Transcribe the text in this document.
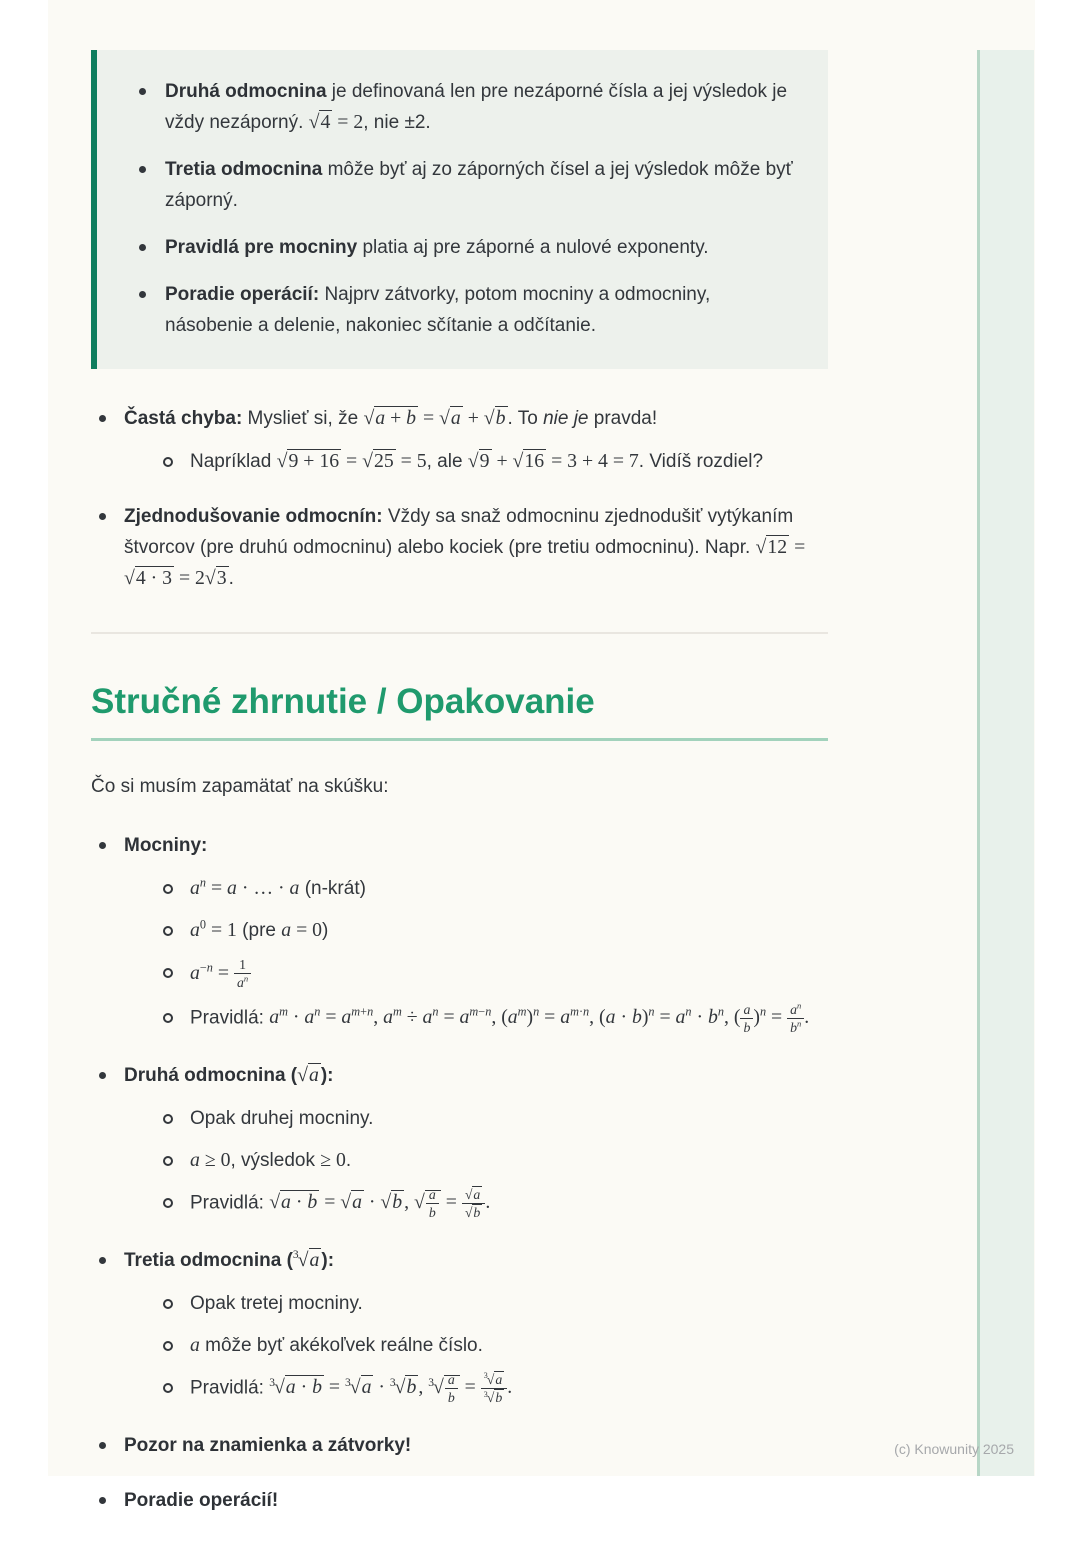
Druhá odmocnina je definovaná len pre nezáporné čísla a jej výsledok je vždy nezáporný. √4 = 2, nie ±2.
Tretia odmocnina môže byť aj zo záporných čísel a jej výsledok môže byť záporný.
Pravidlá pre mocniny platia aj pre záporné a nulové exponenty.
Poradie operácií: Najprv zátvorky, potom mocniny a odmocniny, násobenie a delenie, nakoniec sčítanie a odčítanie.
Častá chyba: Myslieť si, že √a + b = √a + √b . To nie je pravda!
Napríklad √9 + 16 = √25 = 5, ale √9 + √16 = 3 + 4 = 7. Vidíš rozdiel?
Zjednodušovanie odmocnín: Vždy sa snaž odmocninu zjednodušiť vytýkaním štvorcov (pre druhú odmocninu) alebo kociek (pre tretiu odmocninu). Napr. √12 = √4 · 3 = 2√3 .
Stručné zhrnutie / Opakovanie

Čo si musím zapamätať na skúšku:

Mocniny:
$a^n = a$ · … · a (n-krát)
$a^0 = 1$ (pre a = 0)
$a^{-n} = \frac{1}{a^n}$
Pravidlá: $a^m \cdot a^n = a^{m+n}$, $a^m \div a^n = a^{m-n}$, $(a^m)^n = a^{m\cdot n}$, $(a \cdot b)^n = a^n \cdot b^n$, ( $\frac{a}{b} )^n = \frac{a^n}{b^n}$ .
Druhá odmocnina (√a ):
Opak druhej mocniny.
a ≥ 0, výsledok ≥ 0.
Pravidlá: √a · b = √a · √b , √ $\frac{a}{b} = \frac{√a}{√b}$ .
Tretia odmocnina ($^3$√a ):
Opak tretej mocniny.
a môže byť akékoľvek reálne číslo.
Pravidlá: $^3$√a · b = $^3$√a · $^3$√b , $^3√ \frac{a}{b} = \frac{^3√a}{^3√b}$ .
Pozor na znamienka a zátvorky!
Poradie operácií!
(c) Knowunity 2025
